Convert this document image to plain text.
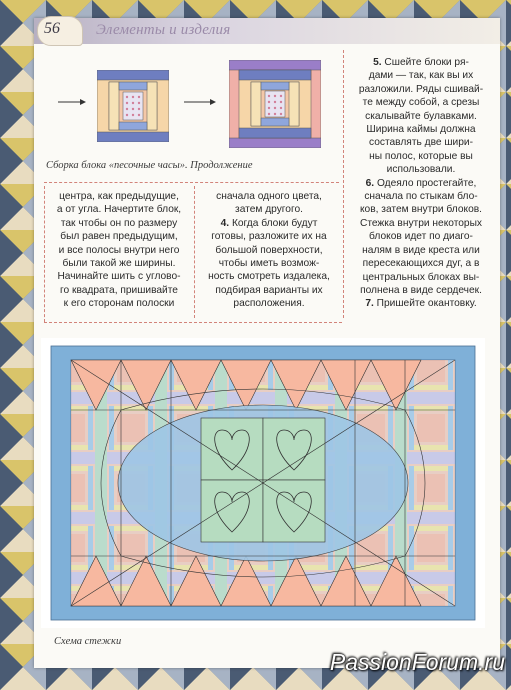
56 Элементы и изделия
Сборка блока «песочные часы». Продолжение

центра, как предыдущие,

а от угла. Начертите блок,

так чтобы он по размеру

был равен предыдущим,

и все полосы внутри него

были такой же ширины.

Начинайте шить с углово-

го квадрата, пришивайте

к его сторонам полоски

сначала одного цвета,

затем другого.

4. Когда блоки будут

готовы, разложите их на

большой поверхности,

чтобы иметь возмож-

ность смотреть издалека,

подбирая варианты их

расположения.

5. Сшейте блоки ря-

дами — так, как вы их

разложили. Ряды сшивай-

те между собой, а срезы

скалывайте булавками.

Ширина каймы должна

составлять две шири-

ны полос, которые вы

использовали.

6. Одеяло простегайте,

сначала по стыкам бло-

ков, затем внутри блоков.

Стежка внутри некоторых

блоков идет по диаго-

налям в виде креста или

пересекающихся дуг, а в

центральных блоках вы-

полнена в виде сердечек.

7. Пришейте окантовку.

Схема стежки
PassionForum.ru
